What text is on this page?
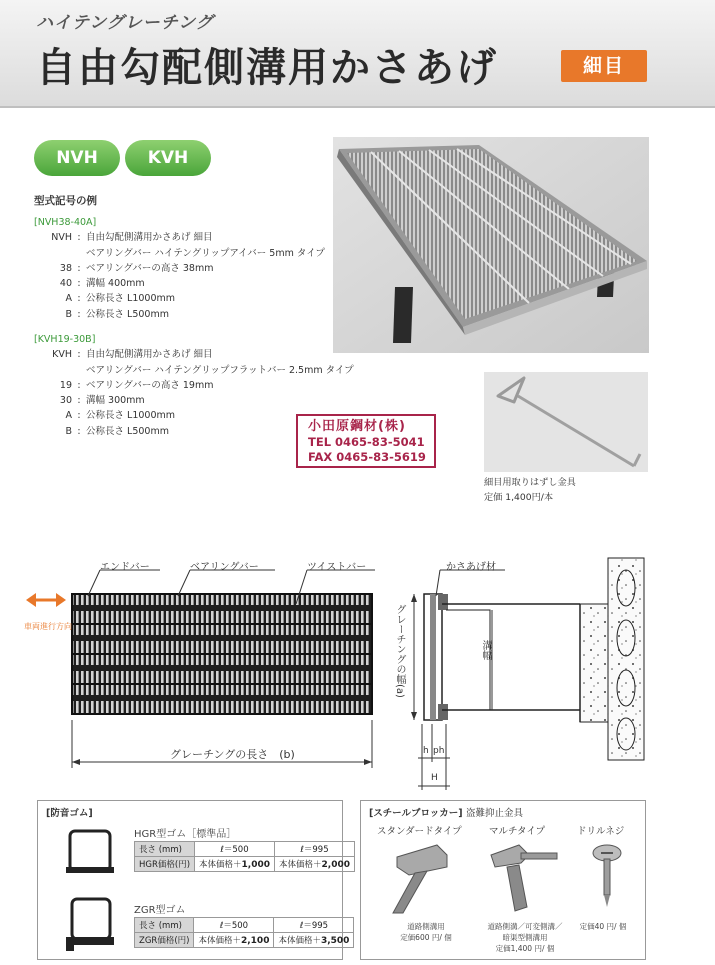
ハイテングレーチング
自由勾配側溝用かさあげ	細目
NVH	KVH
型式記号の例
[NVH38-40A]
NVH : 自由勾配側溝用かさあげ 細目
ベアリングバー ハイテングリップアイバー 5mm タイプ
38 : ベアリングバーの高さ 38mm
40 : 溝幅 400mm
A : 公称長さ L1000mm
B : 公称長さ L500mm
[KVH19-30B]
KVH : 自由勾配側溝用かさあげ 細目
ベアリングバー ハイテングリップフラットバー 2.5mm タイプ
19 : ベアリングバーの高さ 19mm
30 : 溝幅 300mm
A : 公称長さ L1000mm
B : 公称長さ L500mm
細目用取りはずし金具
定価 1,400円/本
小田原鋼材(株)
TEL 0465-83-5041
FAX 0465-83-5619
エンドバー	ベアリングバー	ツイストバー
車両進行方向
グレーチングの長さ　(b)
かさあげ材
グレーチングの幅(a)	溝幅
h ph
H
[防音ゴム]
HGR型ゴム［標準品］
長さ (mm)	ℓ＝500	ℓ＝995
HGR価格(円)	本体価格＋1,000	本体価格＋2,000
ZGR型ゴム
長さ (mm)	ℓ＝500	ℓ＝995
ZGR価格(円)	本体価格＋2,100	本体価格＋3,500
[スチールブロッカー] 盗難抑止金具
スタンダードタイプ
道路側溝用
定価600 円/ 個
マルチタイプ
道路側溝／可変側溝／
暗渠型側溝用
定価1,400 円/ 個
ドリルネジ
定価40 円/ 個
